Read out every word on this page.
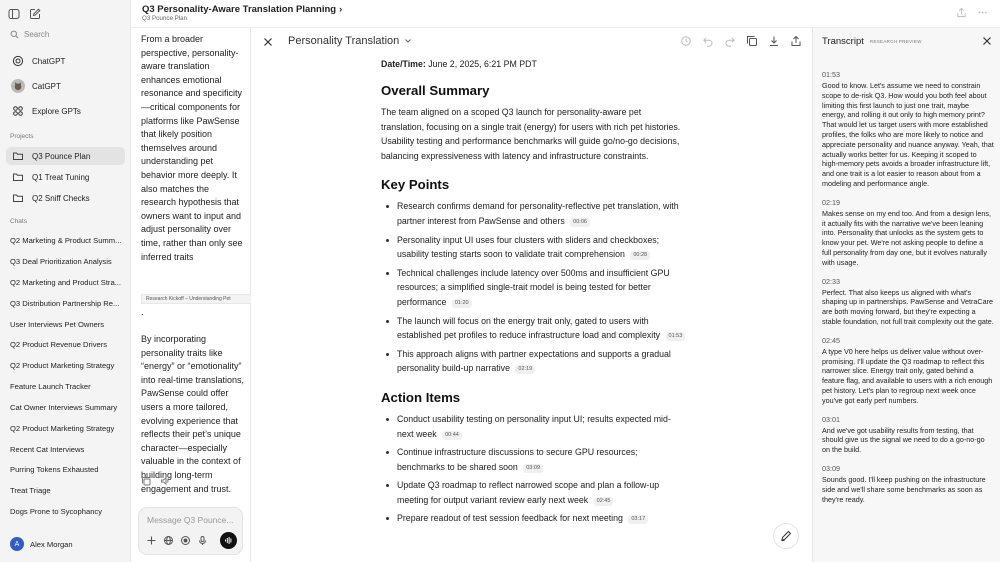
Search
ChatGPT
CatGPT
Explore GPTs
Projects
Q3 Pounce Plan
Q1 Treat Tuning
Q2 Sniff Checks
Chats
Q2 Marketing & Product Summ...
Q3 Deal Prioritization Analysis
Q2 Marketing and Product Stra...
Q3 Distribution Partnership Re...
User Interviews Pet Owners
Q2 Product Revenue Drivers
Q2 Product Marketing Strategy
Feature Launch Tracker
Cat Owner Interviews Summary
Q2 Product Marketing Strategy
Recent Cat Interviews
Purring Tokens Exhausted
Treat Triage
Dogs Prone to Sycophancy
A	Alex Morgan
Q3 Personality-Aware Translation Planning ›
Q3 Pounce Plan
From a broader perspective, personality-aware translation enhances emotional resonance and specificity—critical components for platforms like PawSense that likely position themselves around understanding pet behavior more deeply. It also matches the research hypothesis that owners want to input and adjust personality over time, rather than only see inferred traits
Research Kickoff – Understanding Pet
.
By incorporating personality traits like “energy” or “emotionality” into real-time translations, PawSense could offer users a more tailored, evolving experience that reflects their pet’s unique character—especially valuable in the context of building long-term engagement and trust.
Message Q3 Pounce...
Personality Translation
Date/Time: June 2, 2025, 6:21 PM PDT
Overall Summary
The team aligned on a scoped Q3 launch for personality-aware pet translation, focusing on a single trait (energy) for users with rich pet histories. Usability testing and performance benchmarks will guide go/no-go decisions, balancing expressiveness with latency and infrastructure constraints.
Key Points
Research confirms demand for personality-reflective pet translation, with partner interest from PawSense and others 00:06
Personality input UI uses four clusters with sliders and checkboxes; usability testing starts soon to validate trait comprehension 00:28
Technical challenges include latency over 500ms and insufficient GPU resources; a simplified single-trait model is being tested for better performance 01:20
The launch will focus on the energy trait only, gated to users with established pet profiles to reduce infrastructure load and complexity 01:53
This approach aligns with partner expectations and supports a gradual personality build-up narrative 02:19
Action Items
Conduct usability testing on personality input UI; results expected mid-next week 00:44
Continue infrastructure discussions to secure GPU resources; benchmarks to be shared soon 03:09
Update Q3 roadmap to reflect narrowed scope and plan a follow-up meeting for output variant review early next week 02:45
Prepare readout of test session feedback for next meeting 03:17
Transcript RESEARCH PREVIEW
01:53
Good to know. Let's assume we need to constrain scope to de-risk Q3. How would you both feel about limiting this first launch to just one trait, maybe energy, and rolling it out only to high memory print? That would let us target users with more established profiles, the folks who are more likely to notice and appreciate personality and nuance anyway. Yeah, that actually works better for us. Keeping it scoped to high-memory pets avoids a broader infrastructure lift, and one trait is a lot easier to reason about from a modeling and performance angle.
02:19
Makes sense on my end too. And from a design lens, it actually fits with the narrative we've been leaning into. Personality that unlocks as the system gets to know your pet. We're not asking people to define a full personality from day one, but it evolves naturally with usage.
02:33
Perfect. That also keeps us aligned with what's shaping up in partnerships. PawSense and VetraCare are both moving forward, but they're expecting a stable foundation, not full trait complexity out the gate.
02:45
A type V0 here helps us deliver value without over-promising. I'll update the Q3 roadmap to reflect this narrower slice. Energy trait only, gated behind a feature flag, and available to users with a rich enough pet history. Let's plan to regroup next week once you've got early perf numbers.
03:01
And we've got usability results from testing, that should give us the signal we need to do a go-no-go on the build.
03:09
Sounds good. I'll keep pushing on the infrastructure side and we'll share some benchmarks as soon as they're ready.
